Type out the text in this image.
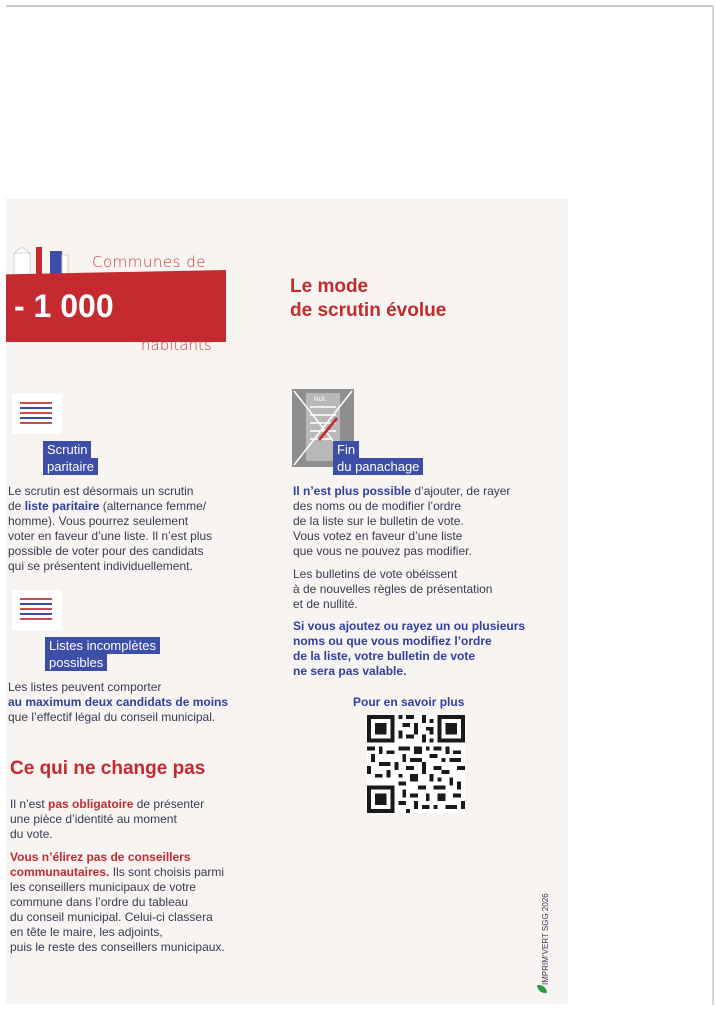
Communes de
- 1 000
habitants
Le mode
de scrutin évolue
Scrutin
paritaire
Le scrutin est désormais un scrutin
de liste paritaire (alternance femme/
homme). Vous pourrez seulement
voter en faveur d’une liste. Il n’est plus
possible de voter pour des candidats
qui se présentent individuellement.
Listes incomplètes
possibles
Les listes peuvent comporter
au maximum deux candidats de moins
que l’effectif légal du conseil municipal.
NUL
Fin
du panachage
Il n’est plus possible d’ajouter, de rayer
des noms ou de modifier l’ordre
de la liste sur le bulletin de vote.
Vous votez en faveur d’une liste
que vous ne pouvez pas modifier.
Les bulletins de vote obéissent
à de nouvelles règles de présentation
et de nullité.
Si vous ajoutez ou rayez un ou plusieurs
noms ou que vous modifiez l’ordre
de la liste, votre bulletin de vote
ne sera pas valable.
Pour en savoir plus
Ce qui ne change pas
Il n’est pas obligatoire de présenter
une pièce d’identité au moment
du vote.
Vous n’élirez pas de conseillers
communautaires. Ils sont choisis parmi
les conseillers municipaux de votre
commune dans l’ordre du tableau
du conseil municipal. Celui-ci classera
en tête le maire, les adjoints,
puis le reste des conseillers municipaux.	IMPRIM’VERT SGG 2026
